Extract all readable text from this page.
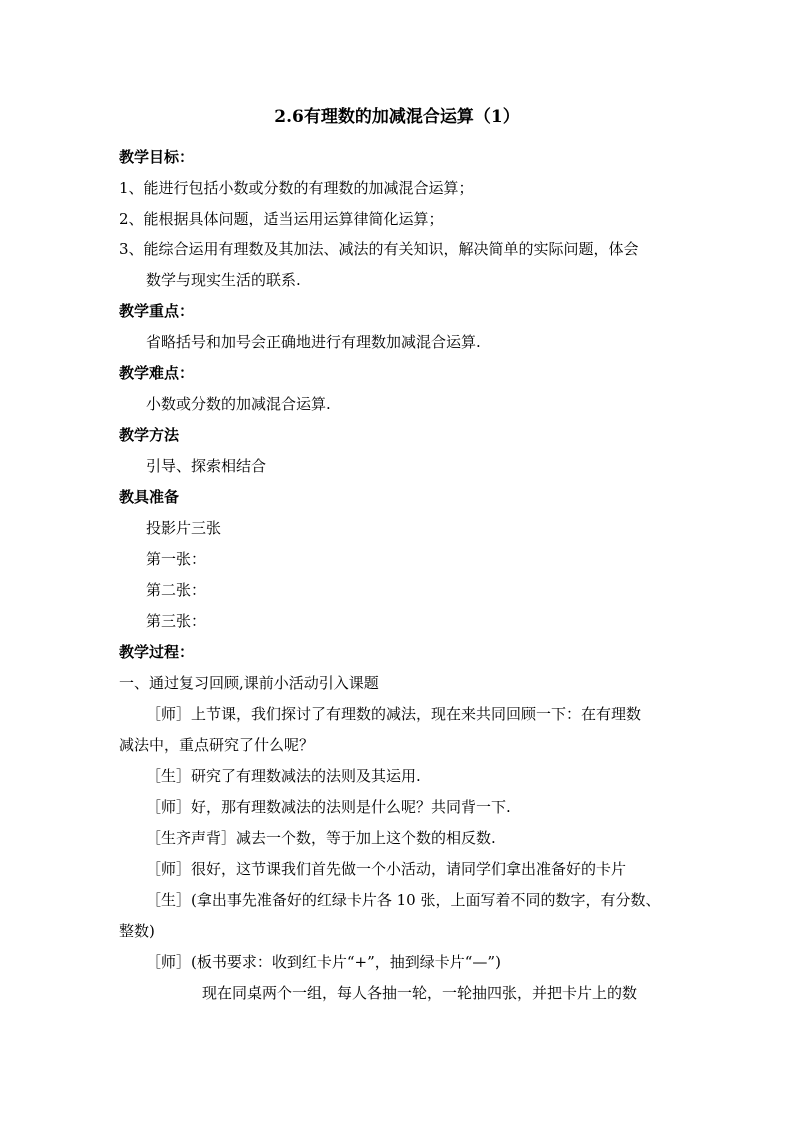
2.6有理数的加减混合运算（1）
教学目标：
1、能进行包括小数或分数的有理数的加减混合运算；
2、能根据具体问题，适当运用运算律简化运算；
3、能综合运用有理数及其加法、减法的有关知识，解决简单的实际问题，体会
数学与现实生活的联系.
教学重点：
省略括号和加号会正确地进行有理数加减混合运算.
教学难点：
小数或分数的加减混合运算.
教学方法
引导、探索相结合
教具准备
投影片三张
第一张：
第二张：
第三张：
教学过程：
一、通过复习回顾,课前小活动引入课题
［师］上节课，我们探讨了有理数的减法，现在来共同回顾一下：在有理数
减法中，重点研究了什么呢？
［生］研究了有理数减法的法则及其运用.
［师］好，那有理数减法的法则是什么呢？共同背一下.
［生齐声背］减去一个数，等于加上这个数的相反数.
［师］很好，这节课我们首先做一个小活动，请同学们拿出准备好的卡片
［生］(拿出事先准备好的红绿卡片各 10 张，上面写着不同的数字，有分数、
整数)
［师］(板书要求：收到红卡片“+”，抽到绿卡片“—”)
现在同桌两个一组，每人各抽一轮，一轮抽四张，并把卡片上的数
